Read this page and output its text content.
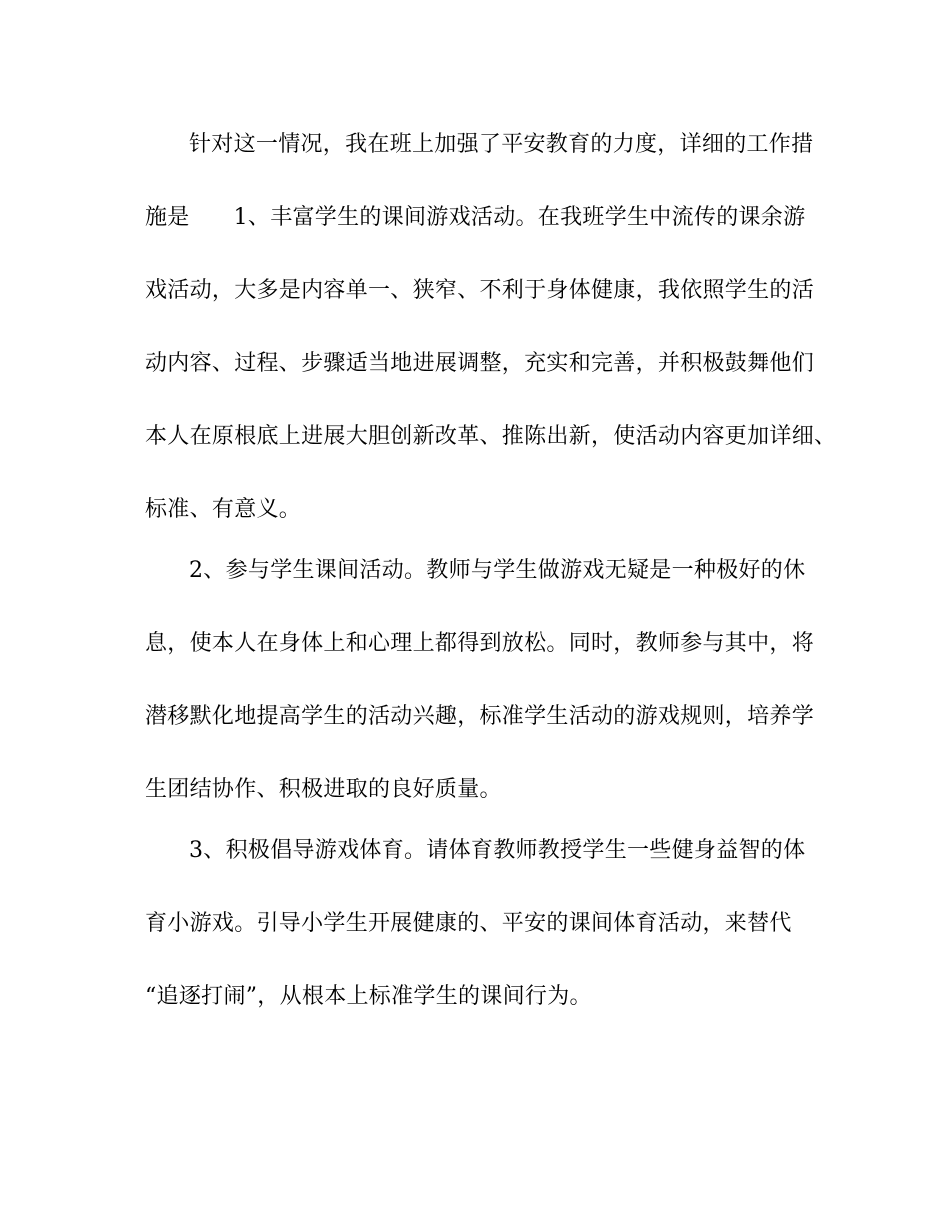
针对这一情况，我在班上加强了平安教育的力度，详细的工作措
施是 1、丰富学生的课间游戏活动。在我班学生中流传的课余游
戏活动，大多是内容单一、狭窄、不利于身体健康，我依照学生的活
动内容、过程、步骤适当地进展调整，充实和完善，并积极鼓舞他们
本人在原根底上进展大胆创新改革、推陈出新，使活动内容更加详细、
标准、有意义。
2、参与学生课间活动。教师与学生做游戏无疑是一种极好的休
息，使本人在身体上和心理上都得到放松。同时，教师参与其中，将
潜移默化地提高学生的活动兴趣，标准学生活动的游戏规则，培养学
生团结协作、积极进取的良好质量。
3、积极倡导游戏体育。请体育教师教授学生一些健身益智的体
育小游戏。引导小学生开展健康的、平安的课间体育活动，来替代
“追逐打闹”，从根本上标准学生的课间行为。
